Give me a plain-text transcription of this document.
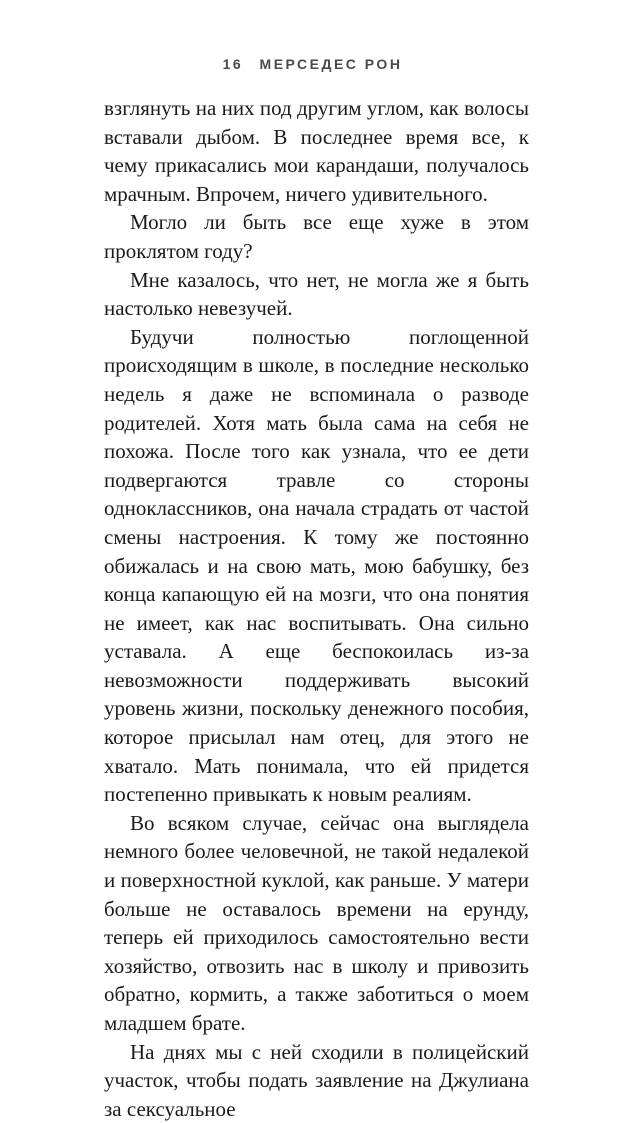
16 МЕРСЕДЕС РОН

взглянуть на них под другим углом, как волосы вставали дыбом. В последнее время все, к чему прикасались мои карандаши, получалось мрачным. Впрочем, ничего удивительного.

Могло ли быть все еще хуже в этом проклятом году?

Мне казалось, что нет, не могла же я быть настолько невезучей.

Будучи полностью поглощенной происходящим в школе, в последние несколько недель я даже не вспоминала о разводе родителей. Хотя мать была сама на себя не похожа. После того как узнала, что ее дети подвергаются травле со стороны одноклассников, она начала страдать от частой смены настроения. К тому же постоянно обижалась и на свою мать, мою бабушку, без конца капающую ей на мозги, что она понятия не имеет, как нас воспитывать. Она сильно уставала. А еще беспокоилась из-за невозможности поддерживать высокий уровень жизни, поскольку денежного пособия, которое присылал нам отец, для этого не хватало. Мать понимала, что ей придется постепенно привыкать к новым реалиям.

Во всяком случае, сейчас она выглядела немного более человечной, не такой недалекой и поверхностной куклой, как раньше. У матери больше не оставалось времени на ерунду, теперь ей приходилось самостоятельно вести хозяйство, отвозить нас в школу и привозить обратно, кормить, а также заботиться о моем младшем брате.

На днях мы с ней сходили в полицейский участок, чтобы подать заявление на Джулиана за сексуальное
